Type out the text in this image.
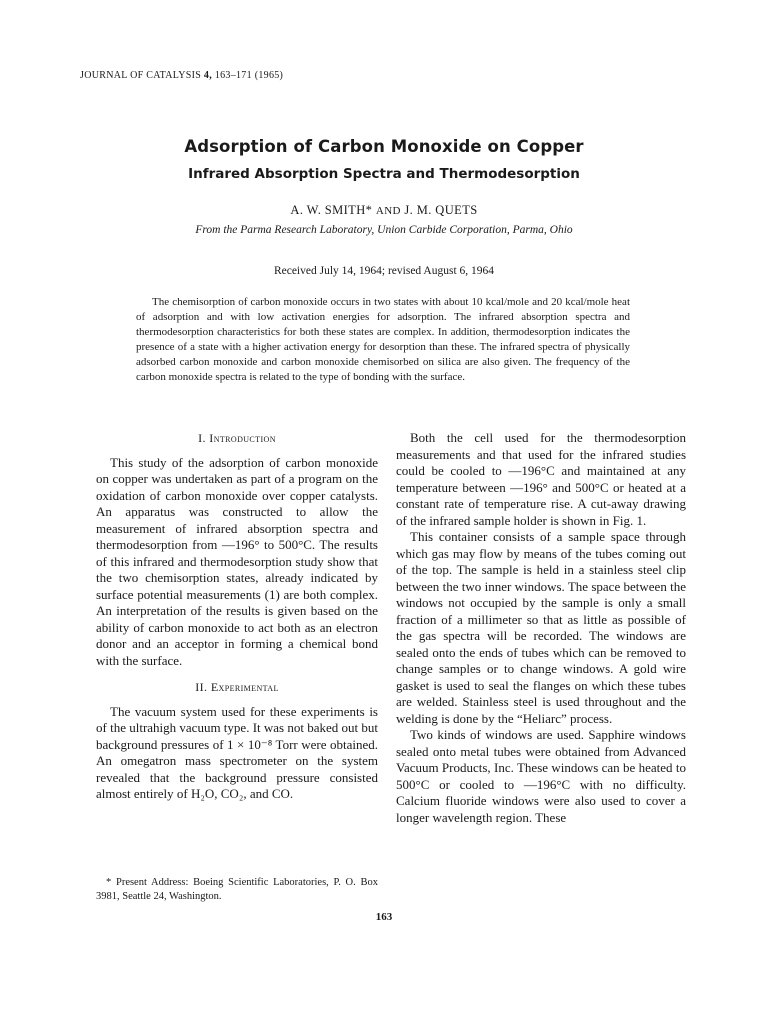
JOURNAL OF CATALYSIS 4, 163–171 (1965)
Adsorption of Carbon Monoxide on Copper
Infrared Absorption Spectra and Thermodesorption
A. W. SMITH* AND J. M. QUETS
From the Parma Research Laboratory, Union Carbide Corporation, Parma, Ohio
Received July 14, 1964; revised August 6, 1964
The chemisorption of carbon monoxide occurs in two states with about 10 kcal/mole and 20 kcal/mole heat of adsorption and with low activation energies for adsorption. The infrared absorption spectra and thermodesorption characteristics for both these states are complex. In addition, thermodesorption indicates the presence of a state with a higher activation energy for desorption than these. The infrared spectra of physically adsorbed carbon monoxide and carbon monoxide chemisorbed on silica are also given. The frequency of the carbon monoxide spectra is related to the type of bonding with the surface.
I. Introduction

This study of the adsorption of carbon monoxide on copper was undertaken as part of a program on the oxidation of carbon monoxide over copper catalysts. An apparatus was constructed to allow the measurement of infrared absorption spectra and thermodesorption from —196° to 500°C. The results of this infrared and thermodesorption study show that the two chemisorption states, already indicated by surface potential measurements (1) are both complex. An interpretation of the results is given based on the ability of carbon monoxide to act both as an electron donor and an acceptor in forming a chemical bond with the surface.

II. Experimental

The vacuum system used for these experiments is of the ultrahigh vacuum type. It was not baked out but background pressures of 1 × 10⁻⁸ Torr were obtained. An omegatron mass spectrometer on the system revealed that the background pressure consisted almost entirely of H₂O, CO₂, and CO.

* Present Address: Boeing Scientific Laboratories, P. O. Box 3981, Seattle 24, Washington.

Both the cell used for the thermodesorption measurements and that used for the infrared studies could be cooled to —196°C and maintained at any temperature between —196° and 500°C or heated at a constant rate of temperature rise. A cut-away drawing of the infrared sample holder is shown in Fig. 1.

This container consists of a sample space through which gas may flow by means of the tubes coming out of the top. The sample is held in a stainless steel clip between the two inner windows. The space between the windows not occupied by the sample is only a small fraction of a millimeter so that as little as possible of the gas spectra will be recorded. The windows are sealed onto the ends of tubes which can be removed to change samples or to change windows. A gold wire gasket is used to seal the flanges on which these tubes are welded. Stainless steel is used throughout and the welding is done by the “Heliarc” process.

Two kinds of windows are used. Sapphire windows sealed onto metal tubes were obtained from Advanced Vacuum Products, Inc. These windows can be heated to 500°C or cooled to —196°C with no difficulty. Calcium fluoride windows were also used to cover a longer wavelength region. These

163
